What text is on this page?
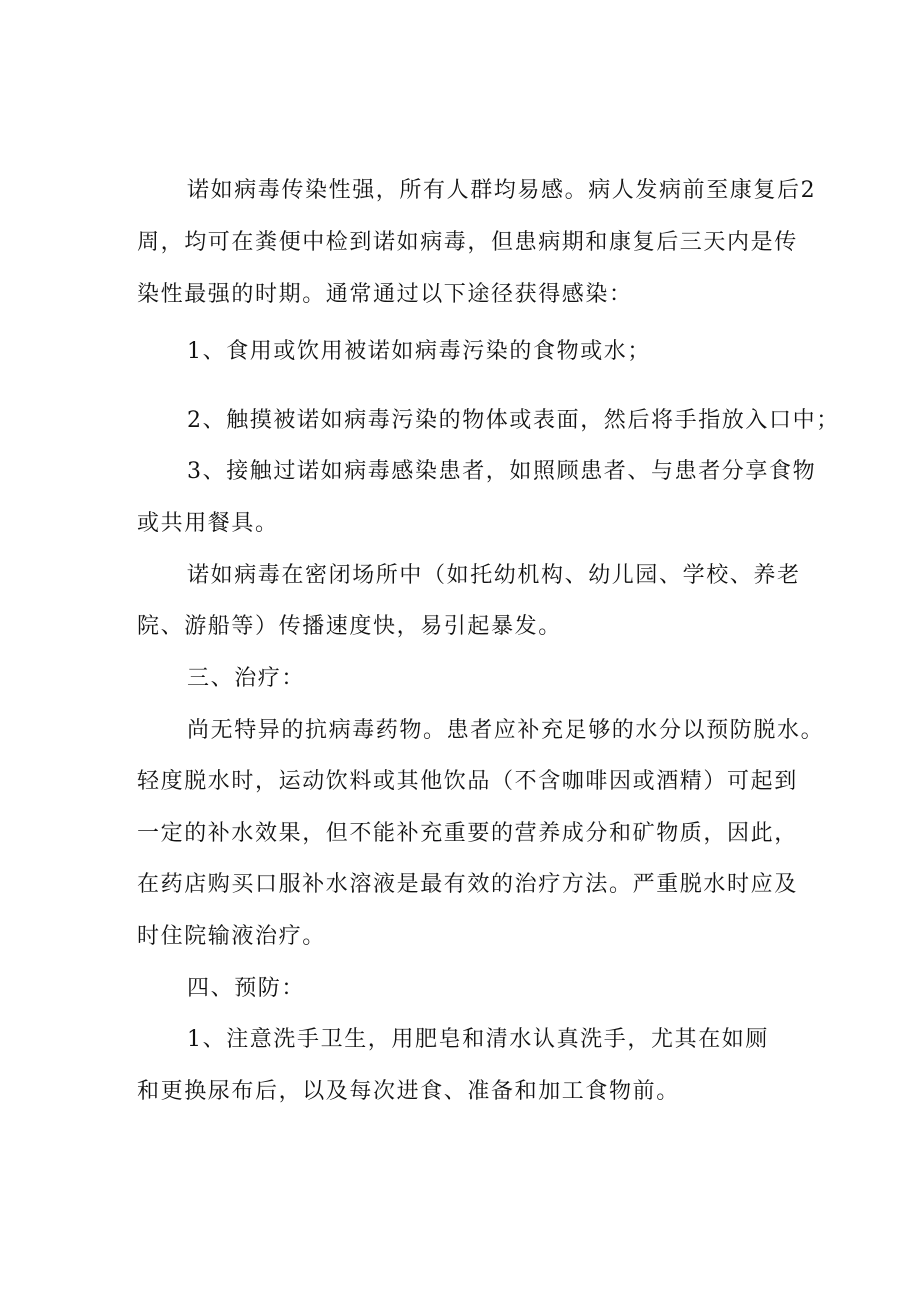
诺如病毒传染性强，所有人群均易感。病人发病前至康复后2

周，均可在粪便中检到诺如病毒，但患病期和康复后三天内是传

染性最强的时期。通常通过以下途径获得感染：

1、食用或饮用被诺如病毒污染的食物或水；

2、触摸被诺如病毒污染的物体或表面，然后将手指放入口中；

3、接触过诺如病毒感染患者，如照顾患者、与患者分享食物

或共用餐具。

诺如病毒在密闭场所中（如托幼机构、幼儿园、学校、养老

院、游船等）传播速度快，易引起暴发。

三、治疗：

尚无特异的抗病毒药物。患者应补充足够的水分以预防脱水。

轻度脱水时，运动饮料或其他饮品（不含咖啡因或酒精）可起到

一定的补水效果，但不能补充重要的营养成分和矿物质，因此，

在药店购买口服补水溶液是最有效的治疗方法。严重脱水时应及

时住院输液治疗。

四、预防：

1、注意洗手卫生，用肥皂和清水认真洗手，尤其在如厕

和更换尿布后，以及每次进食、准备和加工食物前。
